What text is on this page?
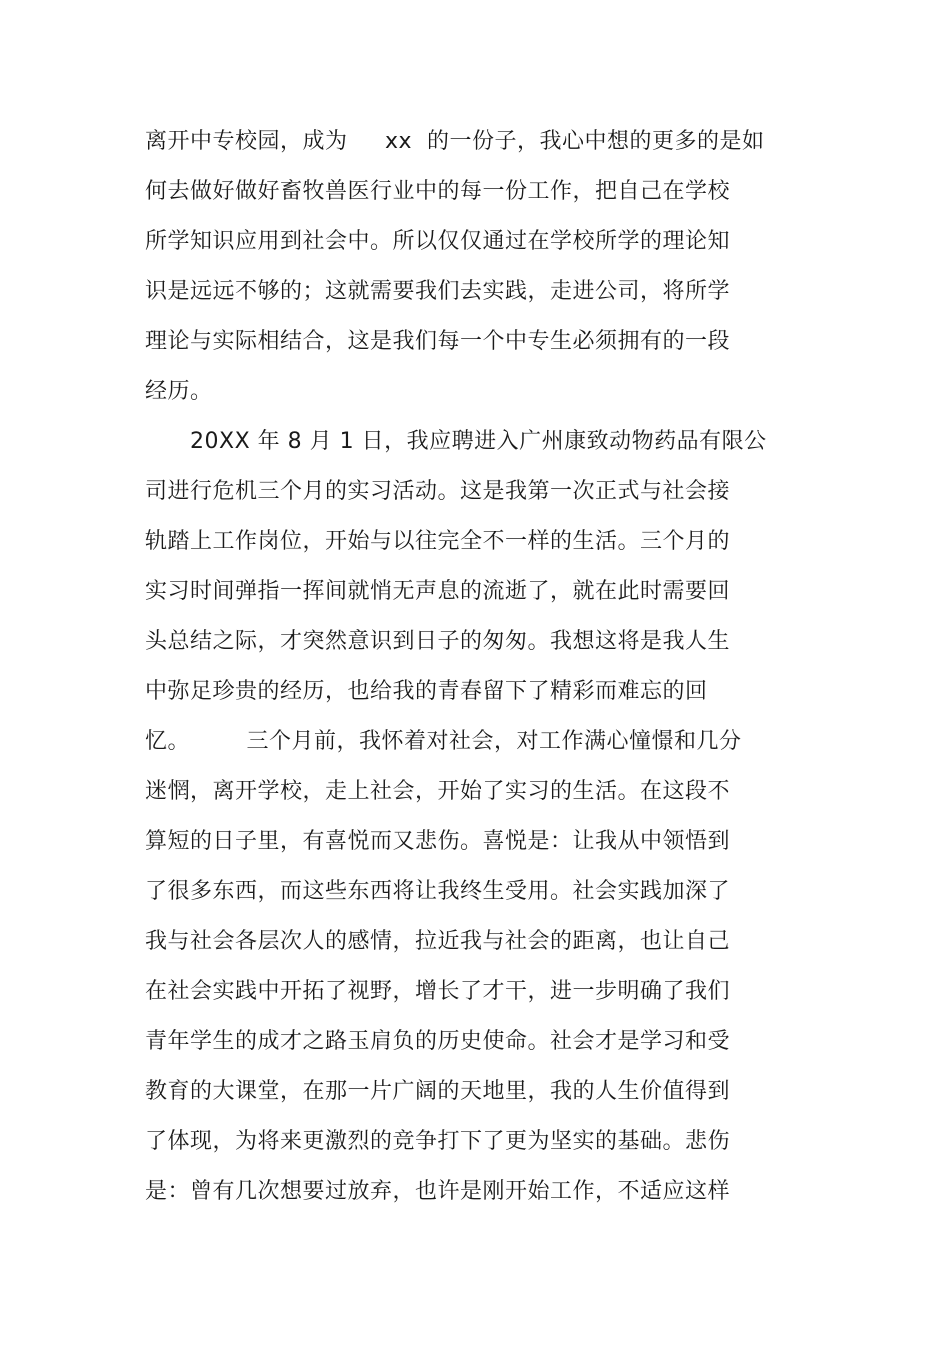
离开中专校园，成为　  xx  的一份子，我心中想的更多的是如
何去做好做好畜牧兽医行业中的每一份工作，把自己在学校
所学知识应用到社会中。所以仅仅通过在学校所学的理论知
识是远远不够的；这就需要我们去实践，走进公司，将所学
理论与实际相结合，这是我们每一个中专生必须拥有的一段
经历。
　　20XX 年 8 月 1 日，我应聘进入广州康致动物药品有限公
司进行危机三个月的实习活动。这是我第一次正式与社会接
轨踏上工作岗位，开始与以往完全不一样的生活。三个月的
实习时间弹指一挥间就悄无声息的流逝了，就在此时需要回
头总结之际，才突然意识到日子的匆匆。我想这将是我人生
中弥足珍贵的经历，也给我的青春留下了精彩而难忘的回
忆。　　　三个月前，我怀着对社会，对工作满心憧憬和几分
迷惘，离开学校，走上社会，开始了实习的生活。在这段不
算短的日子里，有喜悦而又悲伤。喜悦是：让我从中领悟到
了很多东西，而这些东西将让我终生受用。社会实践加深了
我与社会各层次人的感情，拉近我与社会的距离，也让自己
在社会实践中开拓了视野，增长了才干，进一步明确了我们
青年学生的成才之路玉肩负的历史使命。社会才是学习和受
教育的大课堂，在那一片广阔的天地里，我的人生价值得到
了体现，为将来更激烈的竞争打下了更为坚实的基础。悲伤
是：曾有几次想要过放弃，也许是刚开始工作，不适应这样
